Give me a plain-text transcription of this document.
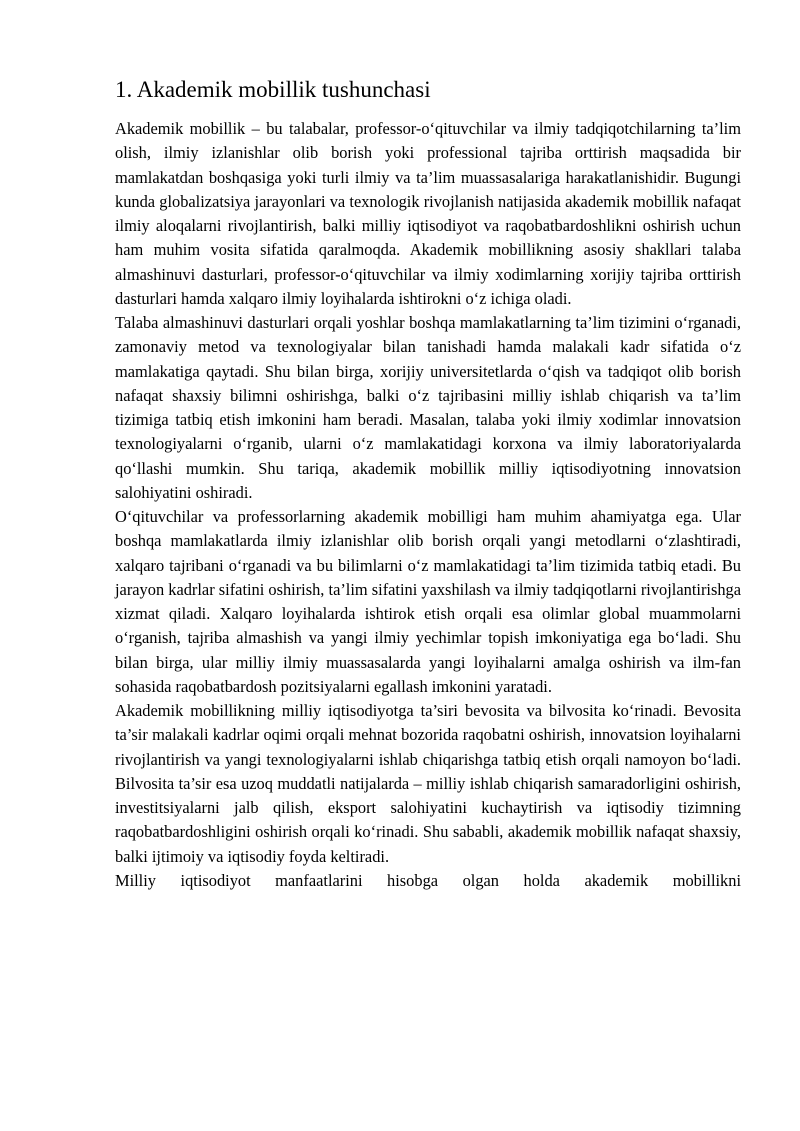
1. Akademik mobillik tushunchasi

Akademik mobillik – bu talabalar, professor-o‘qituvchilar va ilmiy tadqiqotchilarning ta’lim olish, ilmiy izlanishlar olib borish yoki professional tajriba orttirish maqsadida bir mamlakatdan boshqasiga yoki turli ilmiy va ta’lim muassasalariga harakatlanishidir. Bugungi kunda globalizatsiya jarayonlari va texnologik rivojlanish natijasida akademik mobillik nafaqat ilmiy aloqalarni rivojlantirish, balki milliy iqtisodiyot va raqobatbardoshlikni oshirish uchun ham muhim vosita sifatida qaralmoqda. Akademik mobillikning asosiy shakllari talaba almashinuvi dasturlari, professor-o‘qituvchilar va ilmiy xodimlarning xorijiy tajriba orttirish dasturlari hamda xalqaro ilmiy loyihalarda ishtirokni o‘z ichiga oladi.

Talaba almashinuvi dasturlari orqali yoshlar boshqa mamlakatlarning ta’lim tizimini o‘rganadi, zamonaviy metod va texnologiyalar bilan tanishadi hamda malakali kadr sifatida o‘z mamlakatiga qaytadi. Shu bilan birga, xorijiy universitetlarda o‘qish va tadqiqot olib borish nafaqat shaxsiy bilimni oshirishga, balki o‘z tajribasini milliy ishlab chiqarish va ta’lim tizimiga tatbiq etish imkonini ham beradi. Masalan, talaba yoki ilmiy xodimlar innovatsion texnologiyalarni o‘rganib, ularni o‘z mamlakatidagi korxona va ilmiy laboratoriyalarda qo‘llashi mumkin. Shu tariqa, akademik mobillik milliy iqtisodiyotning innovatsion salohiyatini oshiradi.

O‘qituvchilar va professorlarning akademik mobilligi ham muhim ahamiyatga ega. Ular boshqa mamlakatlarda ilmiy izlanishlar olib borish orqali yangi metodlarni o‘zlashtiradi, xalqaro tajribani o‘rganadi va bu bilimlarni o‘z mamlakatidagi ta’lim tizimida tatbiq etadi. Bu jarayon kadrlar sifatini oshirish, ta’lim sifatini yaxshilash va ilmiy tadqiqotlarni rivojlantirishga xizmat qiladi. Xalqaro loyihalarda ishtirok etish orqali esa olimlar global muammolarni o‘rganish, tajriba almashish va yangi ilmiy yechimlar topish imkoniyatiga ega bo‘ladi. Shu bilan birga, ular milliy ilmiy muassasalarda yangi loyihalarni amalga oshirish va ilm-fan sohasida raqobatbardosh pozitsiyalarni egallash imkonini yaratadi.

Akademik mobillikning milliy iqtisodiyotga ta’siri bevosita va bilvosita ko‘rinadi. Bevosita ta’sir malakali kadrlar oqimi orqali mehnat bozorida raqobatni oshirish, innovatsion loyihalarni rivojlantirish va yangi texnologiyalarni ishlab chiqarishga tatbiq etish orqali namoyon bo‘ladi. Bilvosita ta’sir esa uzoq muddatli natijalarda – milliy ishlab chiqarish samaradorligini oshirish, investitsiyalarni jalb qilish, eksport salohiyatini kuchaytirish va iqtisodiy tizimning raqobatbardoshligini oshirish orqali ko‘rinadi. Shu sababli, akademik mobillik nafaqat shaxsiy, balki ijtimoiy va iqtisodiy foyda keltiradi.

Milliy iqtisodiyot manfaatlarini hisobga olgan holda akademik mobillikni
